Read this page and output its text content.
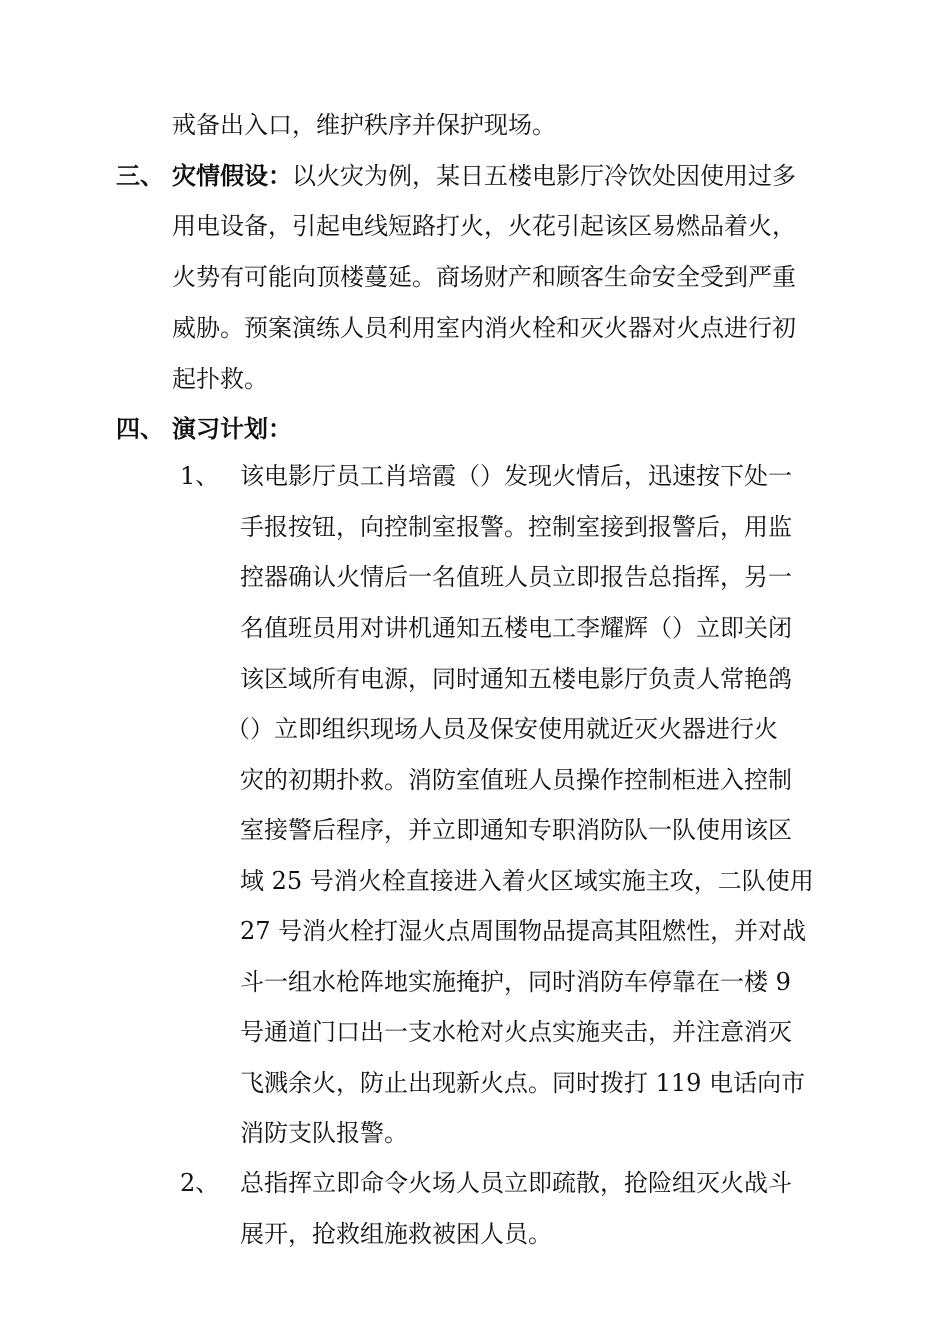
戒备出入口，维护秩序并保护现场。
三、 灾情假设：以火灾为例，某日五楼电影厅冷饮处因使用过多
用电设备，引起电线短路打火，火花引起该区易燃品着火，
火势有可能向顶楼蔓延。商场财产和顾客生命安全受到严重
威胁。预案演练人员利用室内消火栓和灭火器对火点进行初
起扑救。
四、 演习计划：
1、 该电影厅员工肖培霞（）发现火情后，迅速按下处一
手报按钮，向控制室报警。控制室接到报警后，用监
控器确认火情后一名值班人员立即报告总指挥，另一
名值班员用对讲机通知五楼电工李耀辉（）立即关闭
该区域所有电源，同时通知五楼电影厅负责人常艳鸽
（）立即组织现场人员及保安使用就近灭火器进行火
灾的初期扑救。消防室值班人员操作控制柜进入控制
室接警后程序，并立即通知专职消防队一队使用该区
域 25 号消火栓直接进入着火区域实施主攻，二队使用
27 号消火栓打湿火点周围物品提高其阻燃性，并对战
斗一组水枪阵地实施掩护，同时消防车停靠在一楼 9
号通道门口出一支水枪对火点实施夹击，并注意消灭
飞溅余火，防止出现新火点。同时拨打 119 电话向市
消防支队报警。
2、 总指挥立即命令火场人员立即疏散，抢险组灭火战斗
展开，抢救组施救被困人员。
